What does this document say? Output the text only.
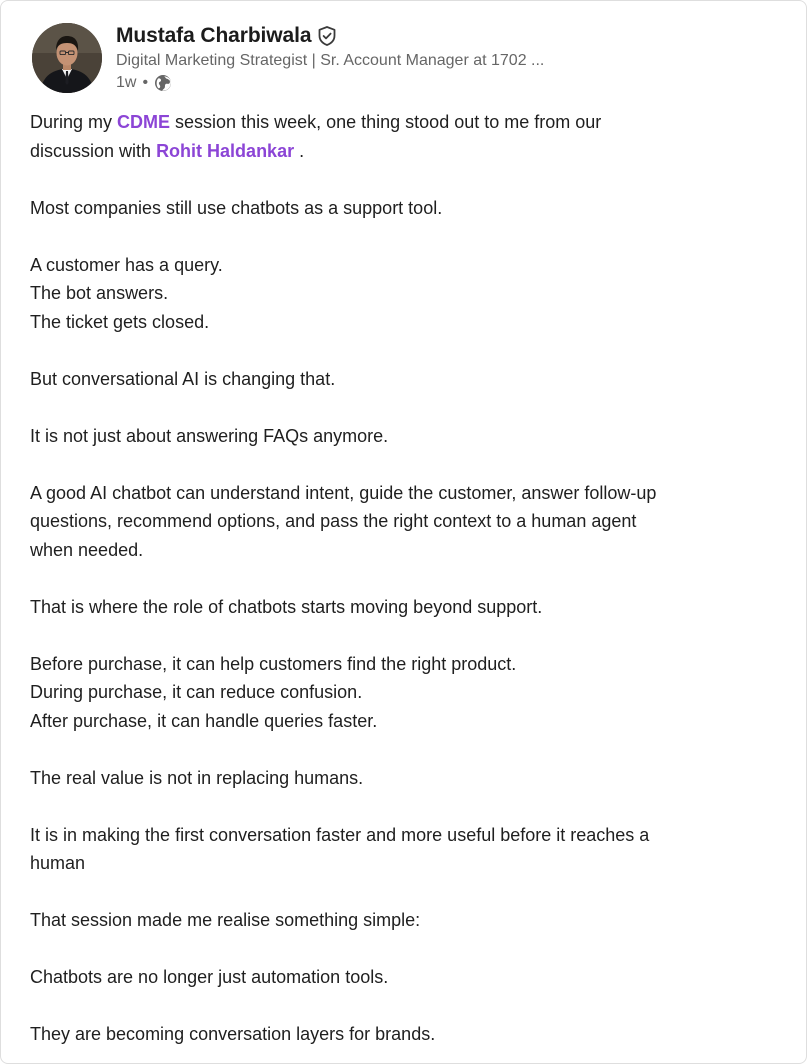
Mustafa Charbiwala
Digital Marketing Strategist | Sr. Account Manager at 1702 ...
1w •
During my CDME session this week, one thing stood out to me from our
discussion with Rohit Haldankar .
Most companies still use chatbots as a support tool.
A customer has a query.
The bot answers.
The ticket gets closed.
But conversational AI is changing that.
It is not just about answering FAQs anymore.
A good AI chatbot can understand intent, guide the customer, answer follow-up
questions, recommend options, and pass the right context to a human agent
when needed.
That is where the role of chatbots starts moving beyond support.
Before purchase, it can help customers find the right product.
During purchase, it can reduce confusion.
After purchase, it can handle queries faster.
The real value is not in replacing humans.
It is in making the first conversation faster and more useful before it reaches a
human
That session made me realise something simple:
Chatbots are no longer just automation tools.
They are becoming conversation layers for brands.
